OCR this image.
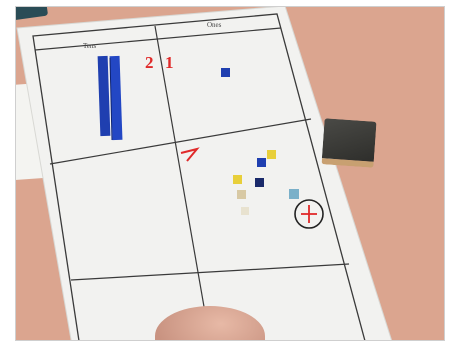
Tens
Ones
2 1
